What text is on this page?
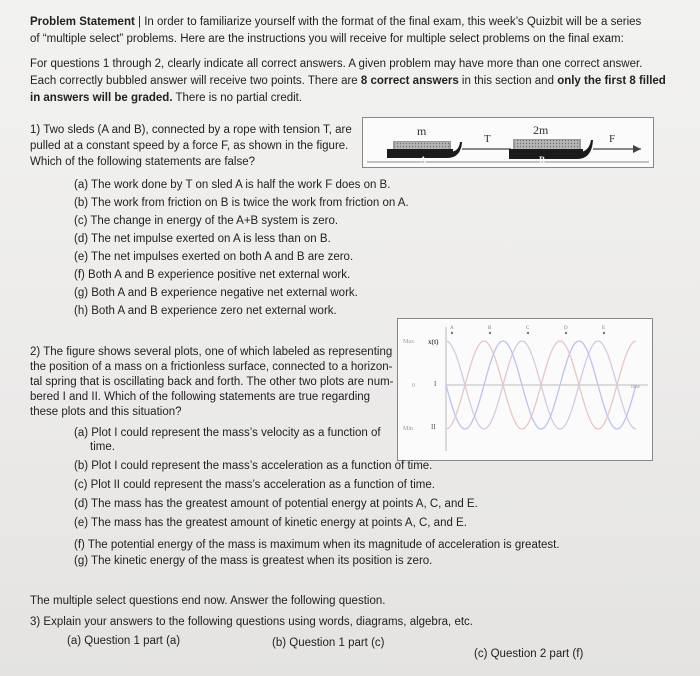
Problem Statement | In order to familiarize yourself with the format of the final exam, this week’s Quizbit will be a series
of “multiple select” problems. Here are the instructions you will receive for multiple select problems on the final exam:
For questions 1 through 2, clearly indicate all correct answers. A given problem may have more than one correct answer.
Each correctly bubbled answer will receive two points. There are 8 correct answers in this section and only the first 8 filled
in answers will be graded. There is no partial credit.
1) Two sleds (A and B), connected by a rope with tension T, are
pulled at a constant speed by a force F, as shown in the figure.
Which of the following statements are false?
m	2m
A	B
T	F
(a) The work done by T on sled A is half the work F does on B.
(b) The work from friction on B is twice the work from friction on A.
(c) The change in energy of the A+B system is zero.
(d) The net impulse exerted on A is less than on B.
(e) The net impulses exerted on both A and B are zero.
(f) Both A and B experience positive net external work.
(g) Both A and B experience negative net external work.
(h) Both A and B experience zero net external work.
2) The figure shows several plots, one of which labeled as representing
the position of a mass on a frictionless surface, connected to a horizon-
tal spring that is oscillating back and forth. The other two plots are num-
bered I and II. Which of the following statements are true regarding
these plots and this situation?
A	B	C	D	E
Max
0
Min
x(t)
I
II
time
(a) Plot I could represent the mass’s velocity as a function of
time.
(b) Plot I could represent the mass’s acceleration as a function of time.
(c) Plot II could represent the mass’s acceleration as a function of time.
(d) The mass has the greatest amount of potential energy at points A, C, and E.
(e) The mass has the greatest amount of kinetic energy at points A, C, and E.
(f) The potential energy of the mass is maximum when its magnitude of acceleration is greatest.
(g) The kinetic energy of the mass is greatest when its position is zero.
The multiple select questions end now. Answer the following question.
3) Explain your answers to the following questions using words, diagrams, algebra, etc.
(a) Question 1 part (a)	(b) Question 1 part (c)
(c) Question 2 part (f)
